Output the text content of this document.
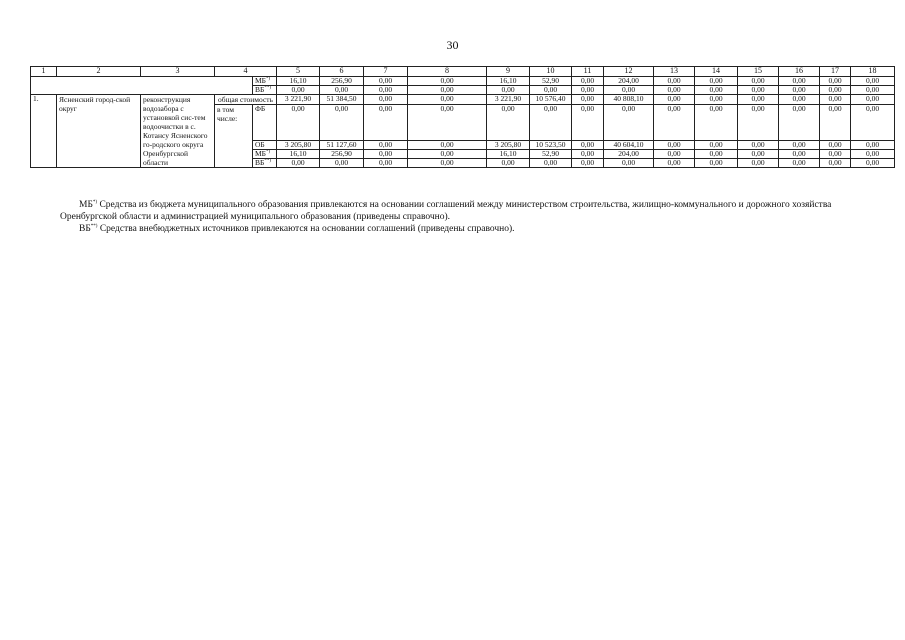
30
1	2	3	4		5	6	7	8	9	10	11	12	13	14	15	16	17	18
				МБ*)	16,10	256,90	0,00	0,00	16,10	52,90	0,00	204,00	0,00	0,00	0,00	0,00	0,00	0,00
				ВБ**)	0,00	0,00	0,00	0,00	0,00	0,00	0,00	0,00	0,00	0,00	0,00	0,00	0,00	0,00
1.	Ясненский город-ской округ	реконструкция водозабора с установкой сис-тем водоочистки в с. Котансу Ясненского го-родского округа Оренбургской области	общая стоимость		3 221,90	51 384,50	0,00	0,00	3 221,90	10 576,40	0,00	40 808,10	0,00	0,00	0,00	0,00	0,00	0,00
			в том числе:	ФБ	0,00	0,00	0,00	0,00	0,00	0,00	0,00	0,00	0,00	0,00	0,00	0,00	0,00	0,00
				ОБ	3 205,80	51 127,60	0,00	0,00	3 205,80	10 523,50	0,00	40 604,10	0,00	0,00	0,00	0,00	0,00	0,00
				МБ*)	16,10	256,90	0,00	0,00	16,10	52,90	0,00	204,00	0,00	0,00	0,00	0,00	0,00	0,00
				ВБ**)	0,00	0,00	0,00	0,00	0,00	0,00	0,00	0,00	0,00	0,00	0,00	0,00	0,00	0,00

МБ*) Средства из бюджета муниципального образования привлекаются на основании соглашений между министерством строительства, жилищно-коммунального и дорожного хозяйства Оренбургской области и администрацией муниципального образования (приведены справочно).

ВБ**) Средства внебюджетных источников привлекаются на основании соглашений (приведены справочно).
